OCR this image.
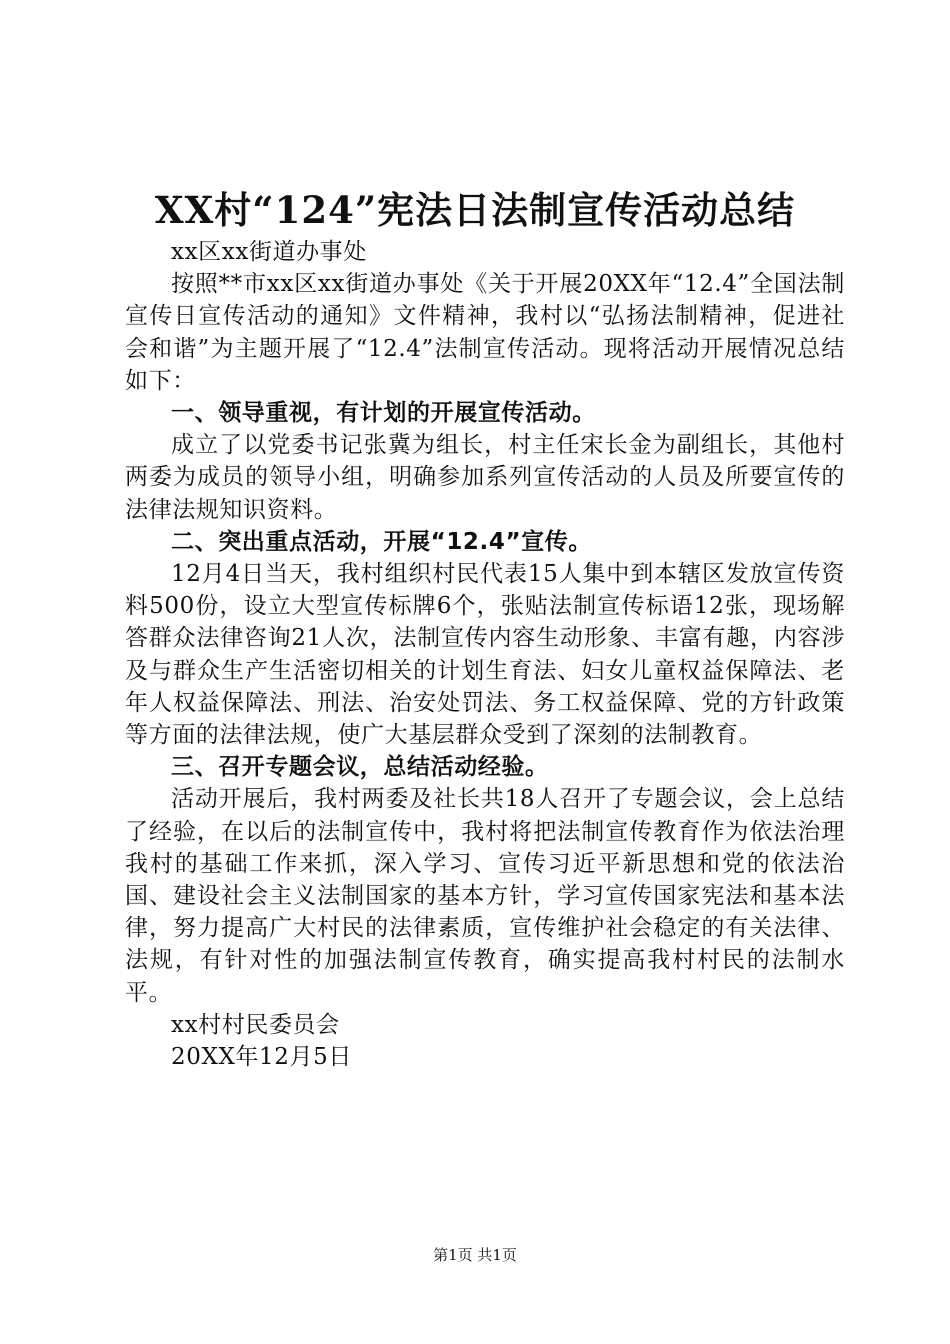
XX村“124”宪法日法制宣传活动总结

xx区xx街道办事处

按照**市xx区xx街道办事处《关于开展20XX年“12.4”全国法制宣传日宣传活动的通知》文件精神，我村以“弘扬法制精神，促进社会和谐”为主题开展了“12.4”法制宣传活动。现将活动开展情况总结如下：

一、领导重视，有计划的开展宣传活动。

成立了以党委书记张冀为组长，村主任宋长金为副组长，其他村两委为成员的领导小组，明确参加系列宣传活动的人员及所要宣传的法律法规知识资料。

二、突出重点活动，开展“12.4”宣传。

12月4日当天，我村组织村民代表15人集中到本辖区发放宣传资料500份，设立大型宣传标牌6个，张贴法制宣传标语12张，现场解答群众法律咨询21人次，法制宣传内容生动形象、丰富有趣，内容涉及与群众生产生活密切相关的计划生育法、妇女儿童权益保障法、老年人权益保障法、刑法、治安处罚法、务工权益保障、党的方针政策等方面的法律法规，使广大基层群众受到了深刻的法制教育。

三、召开专题会议，总结活动经验。

活动开展后，我村两委及社长共18人召开了专题会议，会上总结了经验，在以后的法制宣传中，我村将把法制宣传教育作为依法治理我村的基础工作来抓，深入学习、宣传习近平新思想和党的依法治国、建设社会主义法制国家的基本方针，学习宣传国家宪法和基本法律，努力提高广大村民的法律素质，宣传维护社会稳定的有关法律、法规，有针对性的加强法制宣传教育，确实提高我村村民的法制水平。

xx村村民委员会

20XX年12月5日

第1页 共1页
